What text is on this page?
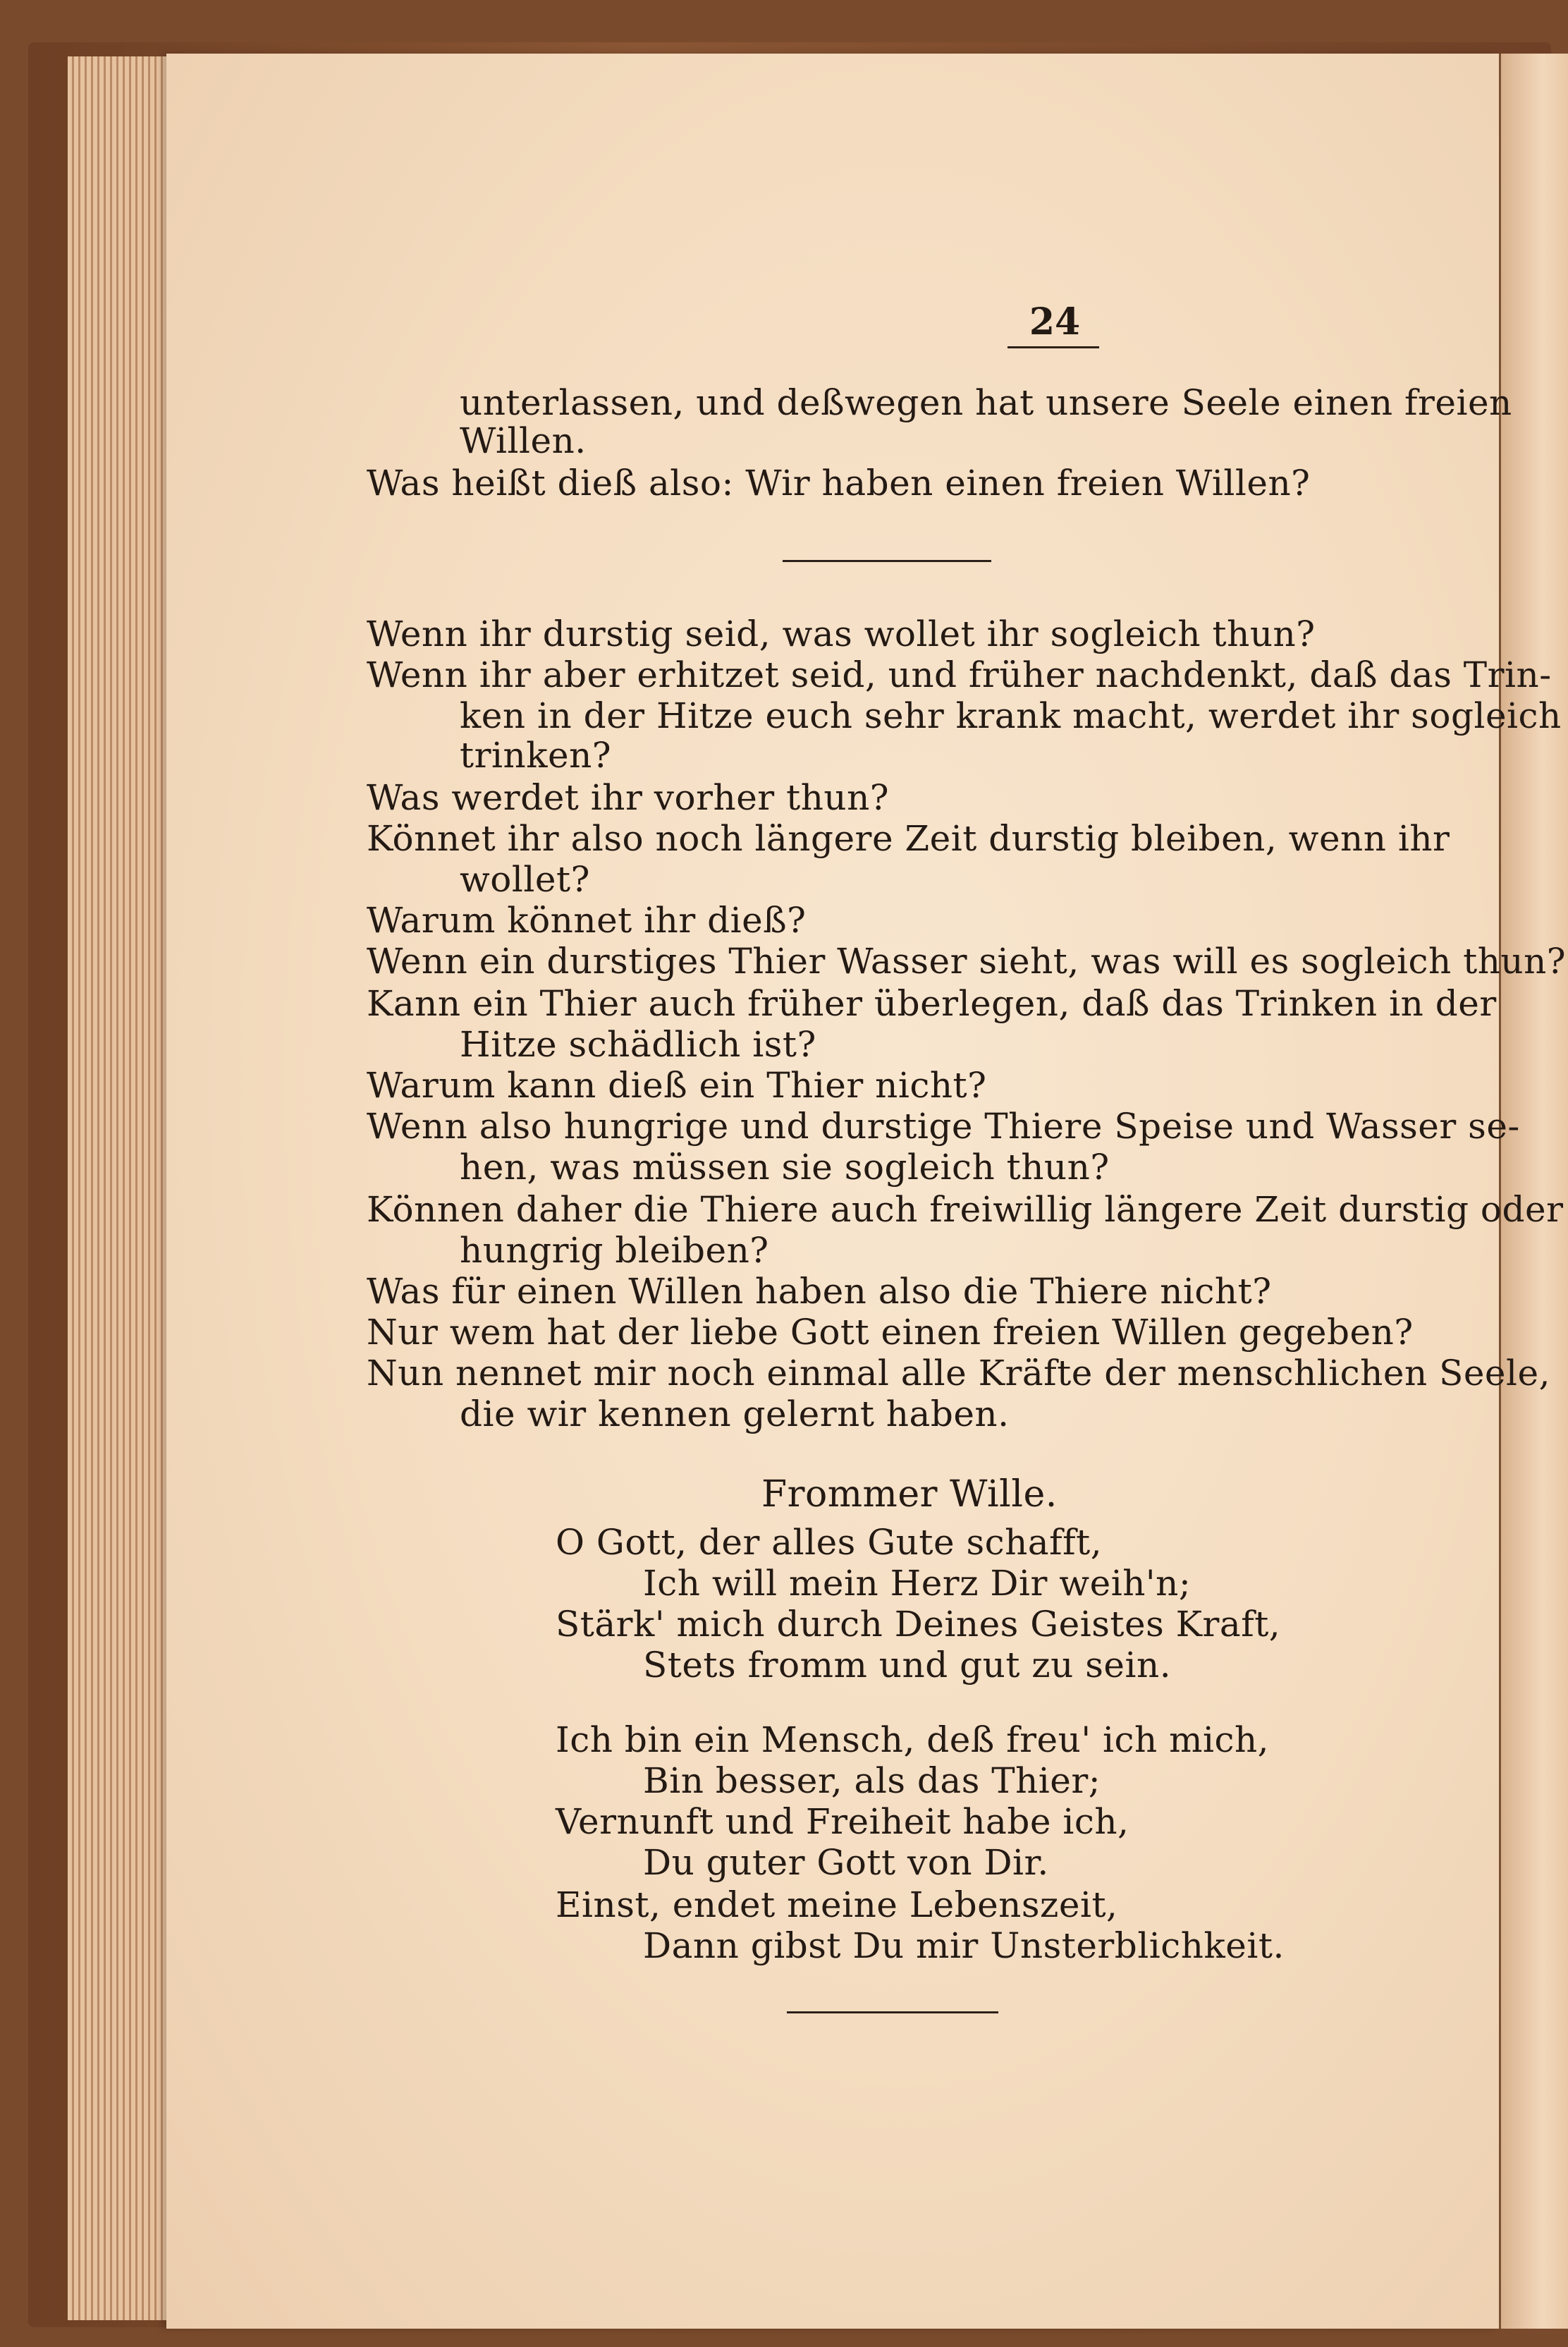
24
unterlassen, und deßwegen hat unsere Seele einen freien
Willen.
Was heißt dieß also: Wir haben einen freien Willen?
Wenn ihr durstig seid, was wollet ihr sogleich thun?
Wenn ihr aber erhitzet seid, und früher nachdenkt, daß das Trin-
ken in der Hitze euch sehr krank macht, werdet ihr sogleich
trinken?
Was werdet ihr vorher thun?
Könnet ihr also noch längere Zeit durstig bleiben, wenn ihr
wollet?
Warum könnet ihr dieß?
Wenn ein durstiges Thier Wasser sieht, was will es sogleich thun?
Kann ein Thier auch früher überlegen, daß das Trinken in der
Hitze schädlich ist?
Warum kann dieß ein Thier nicht?
Wenn also hungrige und durstige Thiere Speise und Wasser se-
hen, was müssen sie sogleich thun?
Können daher die Thiere auch freiwillig längere Zeit durstig oder
hungrig bleiben?
Was für einen Willen haben also die Thiere nicht?
Nur wem hat der liebe Gott einen freien Willen gegeben?
Nun nennet mir noch einmal alle Kräfte der menschlichen Seele,
die wir kennen gelernt haben.
Frommer Wille.
O Gott, der alles Gute schafft,
Ich will mein Herz Dir weih'n;
Stärk' mich durch Deines Geistes Kraft,
Stets fromm und gut zu sein.
Ich bin ein Mensch, deß freu' ich mich,
Bin besser, als das Thier;
Vernunft und Freiheit habe ich,
Du guter Gott von Dir.
Einst, endet meine Lebenszeit,
Dann gibst Du mir Unsterblichkeit.
